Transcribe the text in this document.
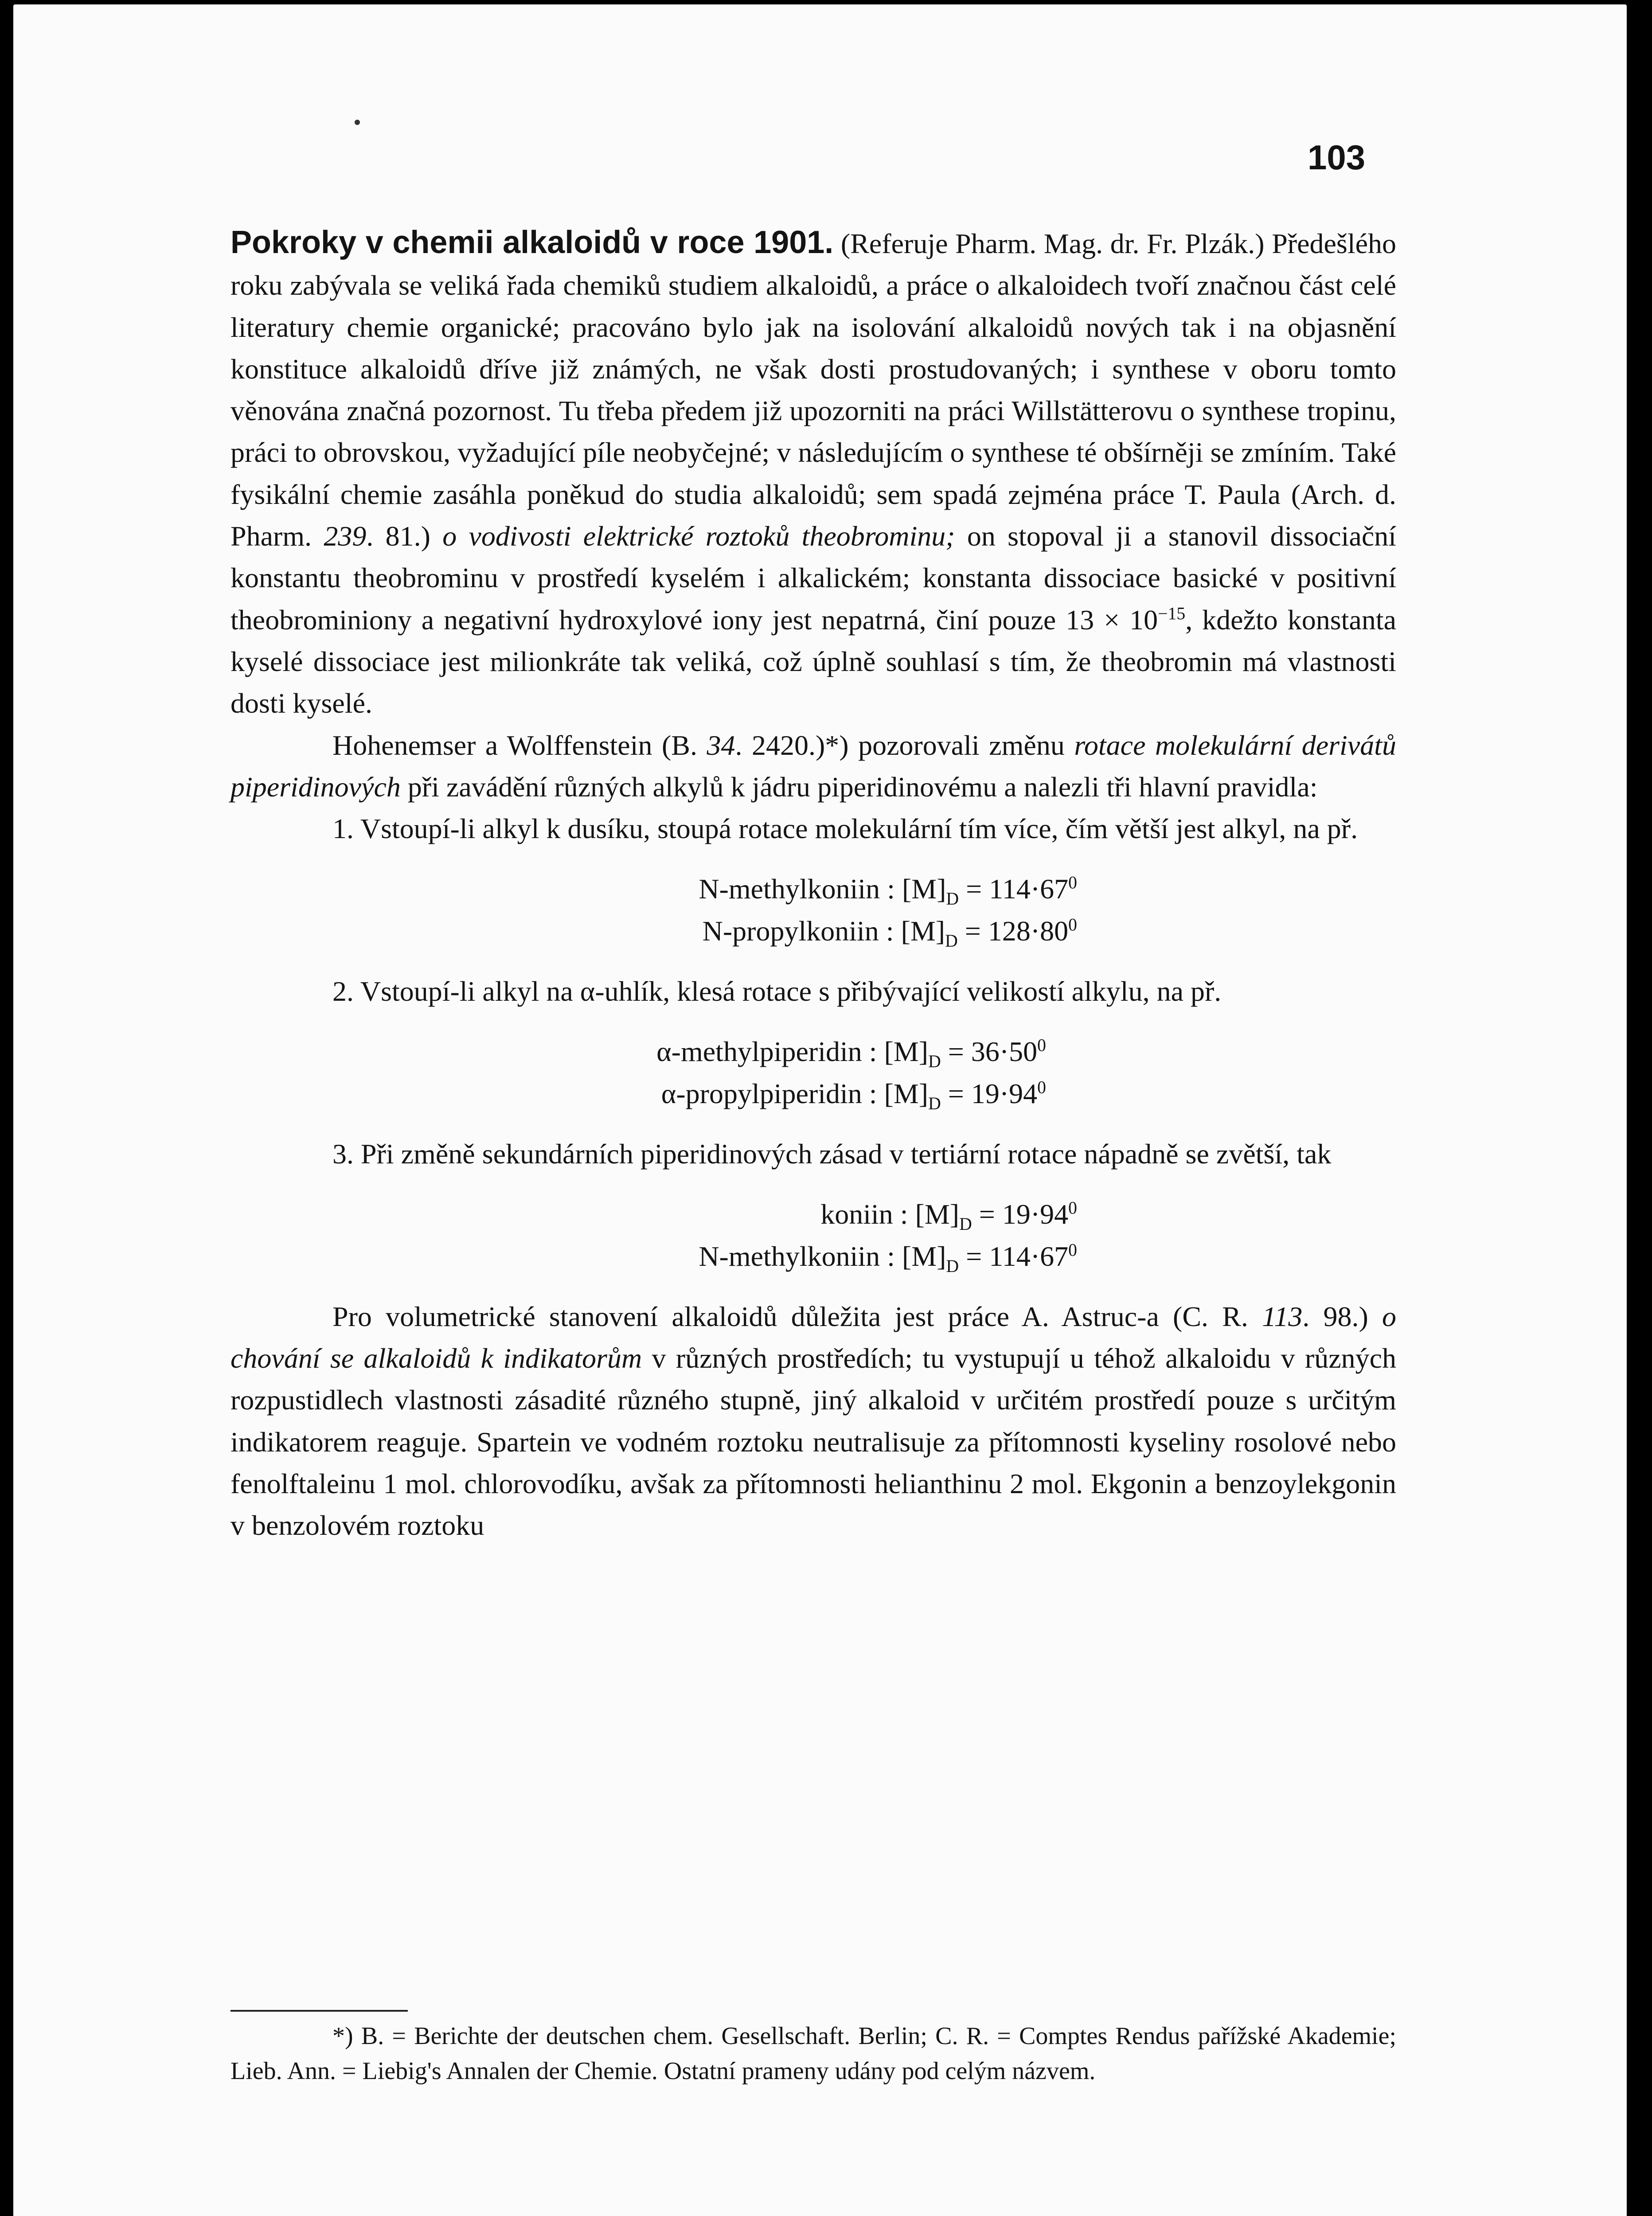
103

Pokroky v chemii alkaloidů v roce 1901. (Referuje Pharm. Mag. dr. Fr. Plzák.) Předešlého roku zabývala se veliká řada chemiků studiem alkaloidů, a práce o alkaloidech tvoří značnou část celé literatury chemie organické; pracováno bylo jak na isolování alkaloidů nových tak i na objasnění konstituce alkaloidů dříve již známých, ne však dosti prostudovaných; i synthese v oboru tomto věnována značná pozornost. Tu třeba předem již upozorniti na práci Willstätterovu o synthese tropinu, práci to obrovskou, vyžadující píle neobyčejné; v následujícím o synthese té obšírněji se zmíním. Také fysikální chemie zasáhla poněkud do studia alkaloidů; sem spadá zejména práce T. Paula (Arch. d. Pharm. 239. 81.) o vodivosti elektrické roztoků theobrominu; on stopoval ji a stanovil dissociační konstantu theobrominu v prostředí kyselém i alkalickém; konstanta dissociace basické v positivní theobrominiony a negativní hydroxylové iony jest nepatrná, činí pouze $13 \times 10^{-15}$, kdežto konstanta kyselé dissociace jest milionkráte tak veliká, což úplně souhlasí s tím, že theobromin má vlastnosti dosti kyselé.

Hohenemser a Wolffenstein (B. 34. 2420.)*) pozorovali změnu rotace molekulární derivátů piperidinových při zavádění různých alkylů k jádru piperidinovému a nalezli tři hlavní pravidla:

1. Vstoupí-li alkyl k dusíku, stoupá rotace molekulární tím více, čím větší jest alkyl, na př.

N-methylkoniin : $[M]_D = 114\cdot 67^0$

N-propylkoniin : $[M]_D = 128\cdot 80^0$

2. Vstoupí-li alkyl na α-uhlík, klesá rotace s přibývající velikostí alkylu, na př.

α-methylpiperidin : $[M]_D = 36\cdot 50^0$

α-propylpiperidin : $[M]_D = 19\cdot 94^0$

3. Při změně sekundárních piperidinových zásad v tertiární rotace nápadně se zvětší, tak

koniin : $[M]_D = 19\cdot 94^0$

N-methylkoniin : $[M]_D = 114\cdot 67^0$

Pro volumetrické stanovení alkaloidů důležita jest práce A. Astruc-a (C. R. 113. 98.) o chování se alkaloidů k indikatorům v různých prostředích; tu vystupují u téhož alkaloidu v různých rozpustidlech vlastnosti zásadité různého stupně, jiný alkaloid v určitém prostředí pouze s určitým indikatorem reaguje. Spartein ve vodném roztoku neutralisuje za přítomnosti kyseliny rosolové nebo fenolftaleinu 1 mol. chlorovodíku, avšak za přítomnosti helianthinu 2 mol. Ekgonin a benzoylekgonin v benzolovém roztoku

*) B. = Berichte der deutschen chem. Gesellschaft. Berlin; C. R. = Comptes Rendus pařížské Akademie; Lieb. Ann. = Liebig's Annalen der Chemie. Ostatní prameny udány pod celým názvem.
